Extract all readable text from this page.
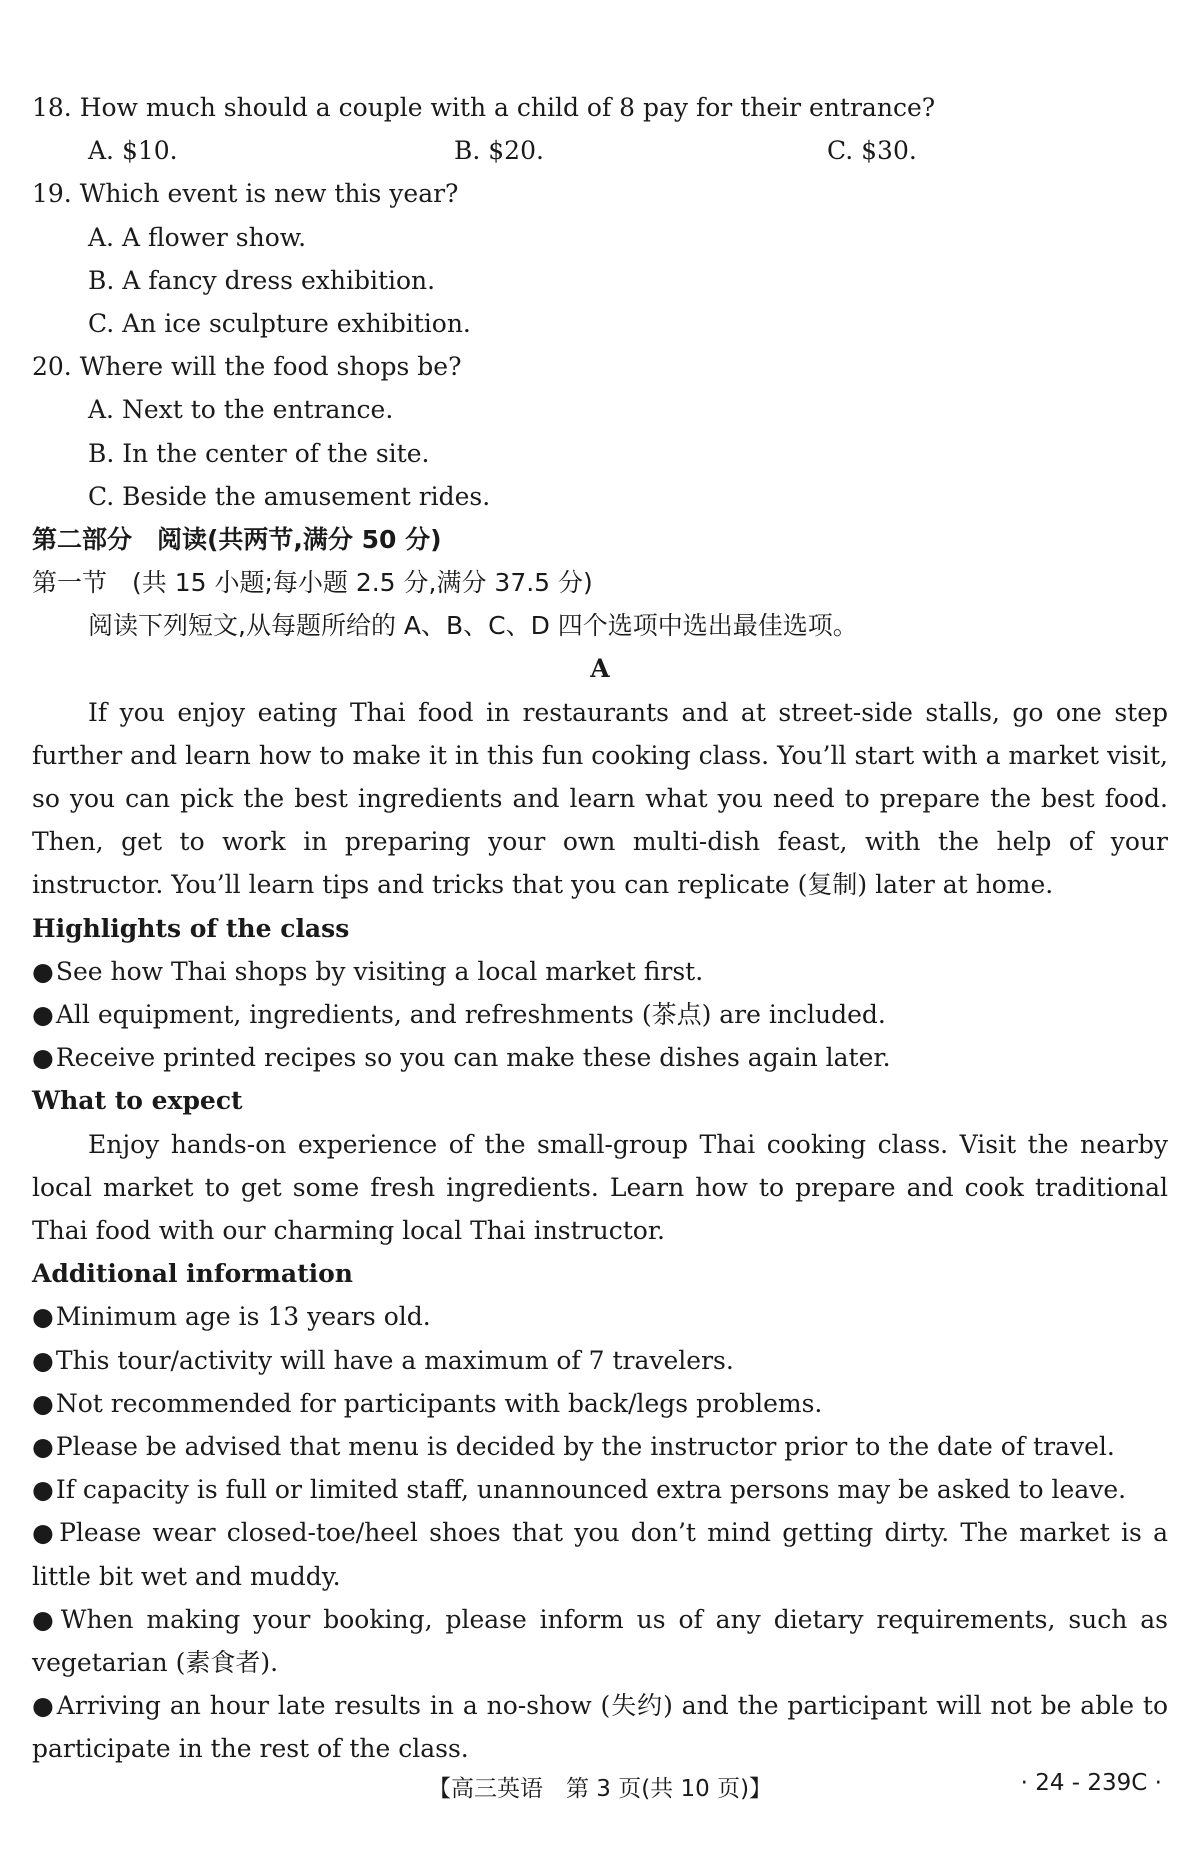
18. How much should a couple with a child of 8 pay for their entrance?
A. $10.	B. $20.	C. $30.
19. Which event is new this year?
A. A flower show.
B. A fancy dress exhibition.
C. An ice sculpture exhibition.
20. Where will the food shops be?
A. Next to the entrance.
B. In the center of the site.
C. Beside the amusement rides.
第二部分　阅读(共两节,满分 50 分)
第一节　(共 15 小题;每小题 2.5 分,满分 37.5 分)
阅读下列短文,从每题所给的 A、B、C、D 四个选项中选出最佳选项。
A

If you enjoy eating Thai food in restaurants and at street-side stalls, go one step further and learn how to make it in this fun cooking class. You’ll start with a market visit, so you can pick the best ingredients and learn what you need to prepare the best food. Then, get to work in preparing your own multi-dish feast, with the help of your instructor. You’ll learn tips and tricks that you can replicate (复制) later at home.

Highlights of the class

●See how Thai shops by visiting a local market first.

●All equipment, ingredients, and refreshments (茶点) are included.

●Receive printed recipes so you can make these dishes again later.

What to expect

Enjoy hands-on experience of the small-group Thai cooking class. Visit the nearby local market to get some fresh ingredients. Learn how to prepare and cook traditional Thai food with our charming local Thai instructor.

Additional information

●Minimum age is 13 years old.

●This tour/activity will have a maximum of 7 travelers.

●Not recommended for participants with back/legs problems.

●Please be advised that menu is decided by the instructor prior to the date of travel.

●If capacity is full or limited staff, unannounced extra persons may be asked to leave.

●Please wear closed-toe/heel shoes that you don’t mind getting dirty. The market is a little bit wet and muddy.

●When making your booking, please inform us of any dietary requirements, such as vegetarian (素食者).

●Arriving an hour late results in a no-show (失约) and the participant will not be able to participate in the rest of the class.

【高三英语　第 3 页(共 10 页)】	· 24 - 239C ·
